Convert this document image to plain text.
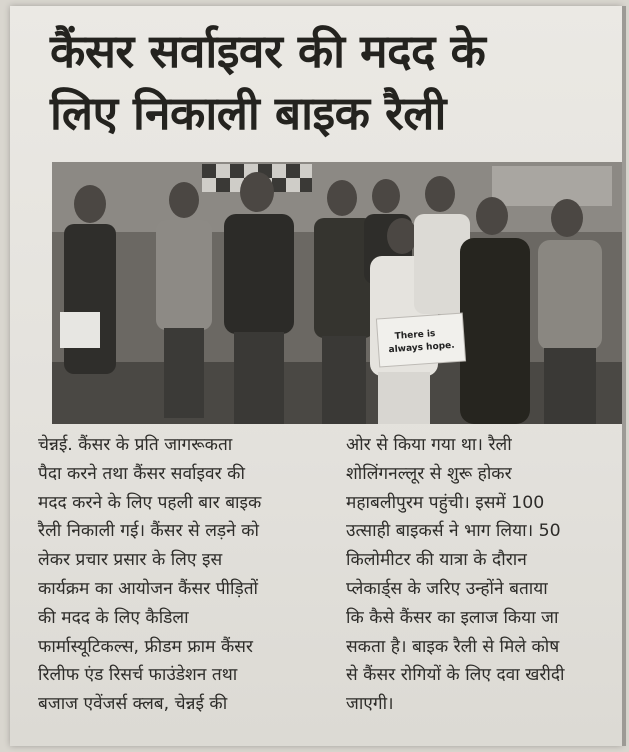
कैंसर सर्वाइवर की मदद के
लिए निकाली बाइक रैली
There is
always hope.
चेन्नई. कैंसर के प्रति जागरूकता
पैदा करने तथा कैंसर सर्वाइवर की
मदद करने के लिए पहली बार बाइक
रैली निकाली गई। कैंसर से लड़ने को
लेकर प्रचार प्रसार के लिए इस
कार्यक्रम का आयोजन कैंसर पीड़ितों
की मदद के लिए कैडिला
फार्मास्यूटिकल्स, फ्रीडम फ्राम कैंसर
रिलीफ एंड रिसर्च फाउंडेशन तथा
बजाज एवेंजर्स क्लब, चेन्नई की
ओर से किया गया था। रैली
शोलिंगनल्लूर से शुरू होकर
महाबलीपुरम पहुंची। इसमें 100
उत्साही बाइकर्स ने भाग लिया। 50
किलोमीटर की यात्रा के दौरान
प्लेकार्ड्स के जरिए उन्होंने बताया
कि कैसे कैंसर का इलाज किया जा
सकता है। बाइक रैली से मिले कोष
से कैंसर रोगियों के लिए दवा खरीदी
जाएगी।
